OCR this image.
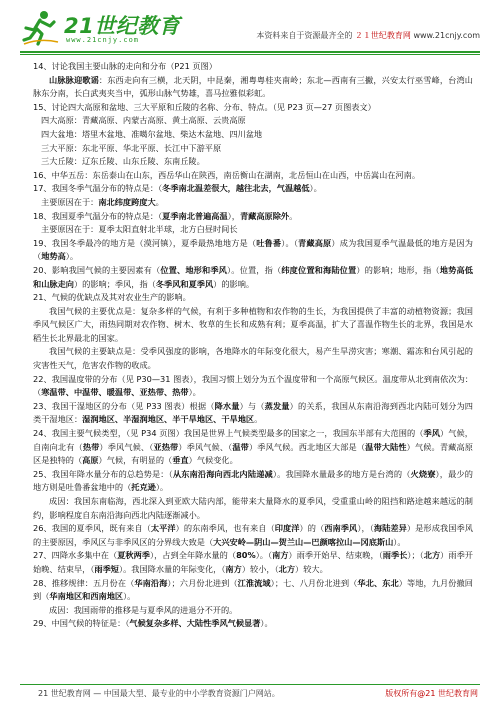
21世纪教育
www.21cnjy.com	本资料来自于资源最齐全的 ２１世纪教育网 www.21cnjy.com

14、讨论我国主要山脉的走向和分布（P21 页图）

山脉脉迎歌谣：东西走向有三横，北天阴，中昆秦，湘粤粤桂夹南岭；东北—西南有三撇，兴安太行巫雪峰，台湾山脉东分南，长白武夷夹当中，弧形山脉气势雄，喜马拉雅似彩虹。

15、讨论四大高原和盆地、三大平原和丘陵的名称、分布、特点。（见 P23 页—27 页图表文）

四大高原：青藏高原、内蒙古高原、黄土高原、云贵高原

四大盆地：塔里木盆地、准噶尔盆地、柴达木盆地、四川盆地

三大平原：东北平原、华北平原、长江中下游平原

三大丘陵：辽东丘陵、山东丘陵、东南丘陵。

16、中华五岳：东岳泰山在山东，西岳华山在陕西，南岳衡山在湖南，北岳恒山在山西，中岳嵩山在河南。

17、我国冬季气温分布的特点是：（冬季南北温差很大，越往北去，气温越低）。

主要原因在于：南北纬度跨度大。

18、我国夏季气温分布的特点是：（夏季南北普遍高温），青藏高原除外。

主要原因在于：夏季太阳直射北半球，北方白昼时间长

19、我国冬季最冷的地方是（漠河镇），夏季最热地地方是（吐鲁番）。（青藏高原）成为我国夏季气温最低的地方是因为（地势高）。

20、影响我国气候的主要因素有（位置、地形和季风）。位置，指（纬度位置和海陆位置）的影响；地形，指（地势高低和山脉走向）的影响；季风，指（冬季风和夏季风）的影响。

21、气候的优缺点及其对农业生产的影响。

我国气候的主要优点是：复杂多样的气候，有利于多种植物和农作物的生长，为我国提供了丰富的动植物资源；我国季风气候区广大，雨热同期对农作物、树木、牧草的生长和成熟有利；夏季高温，扩大了喜温作物生长的北界，我国是水稻生长北界最北的国家。

我国气候的主要缺点是：受季风强度的影响，各地降水的年际变化很大，易产生旱涝灾害；寒潮、霜冻和台风引起的灾害性天气，危害农作物的收成。

22、我国温度带的分布（见 P30—31 图表），我国习惯上划分为五个温度带和一个高原气候区。温度带从北到南依次为：（寒温带、中温带、暖温带、亚热带、热带）。

23、我国干湿地区的分布（见 P33 图表）根据（降水量）与（蒸发量）的关系，我国从东南沿海到西北内陆可划分为四类干湿地区：湿润地区、半湿润地区、半干旱地区、干旱地区。

24、我国主要气候类型，（见 P34 页图）我国是世界上气候类型最多的国家之一，我国东半部有大范围的（季风）气候，自南向北有（热带）季风气候、（亚热带）季风气候、（温带）季风气候。西北地区大部是（温带大陆性）气候。青藏高原区是独特的（高原）气候，有明显的（垂直）气候变化。

25、我国年降水量分布的总趋势是：（从东南沿海向西北内陆递减）。我国降水量最多的地方是台湾的（火烧寮），最少的地方则是吐鲁番盆地中的（托克逊）。

成因：我国东南临海，西北深入到亚欧大陆内部，能带来大量降水的夏季风，受重重山岭的阻挡和路途越来越远的制约，影响程度自东南沿海向西北内陆逐渐减小。

26、我国的夏季风，既有来自（太平洋）的东南季风，也有来自（印度洋）的（西南季风），（海陆差异）是形成我国季风的主要原因，季风区与非季风区的分界线大致是（大兴安岭—阴山—贺兰山—巴颜喀拉山—冈底斯山）。

27、四降水多集中在（夏秋两季），占到全年降水量的（80%）。（南方）雨季开始早、结束晚，（雨季长）；（北方）雨季开始晚、结束早，（雨季短）。我国降水量的年际变化，（南方）较小，（北方）较大。

28、推移规律：五月份在（华南沿海）；六月份北进到（江淮流域）；七、八月份北进到（华北、东北）等地，九月份撤回到（华南地区和西南地区）。

成因：我国雨带的推移是与夏季风的进退分不开的。

29、中国气候的特征是：（气候复杂多样、大陆性季风气候显著）。

21 世纪教育网 — 中国最大型、最专业的中小学教育资源门户网站。	版权所有@21 世纪教育网
